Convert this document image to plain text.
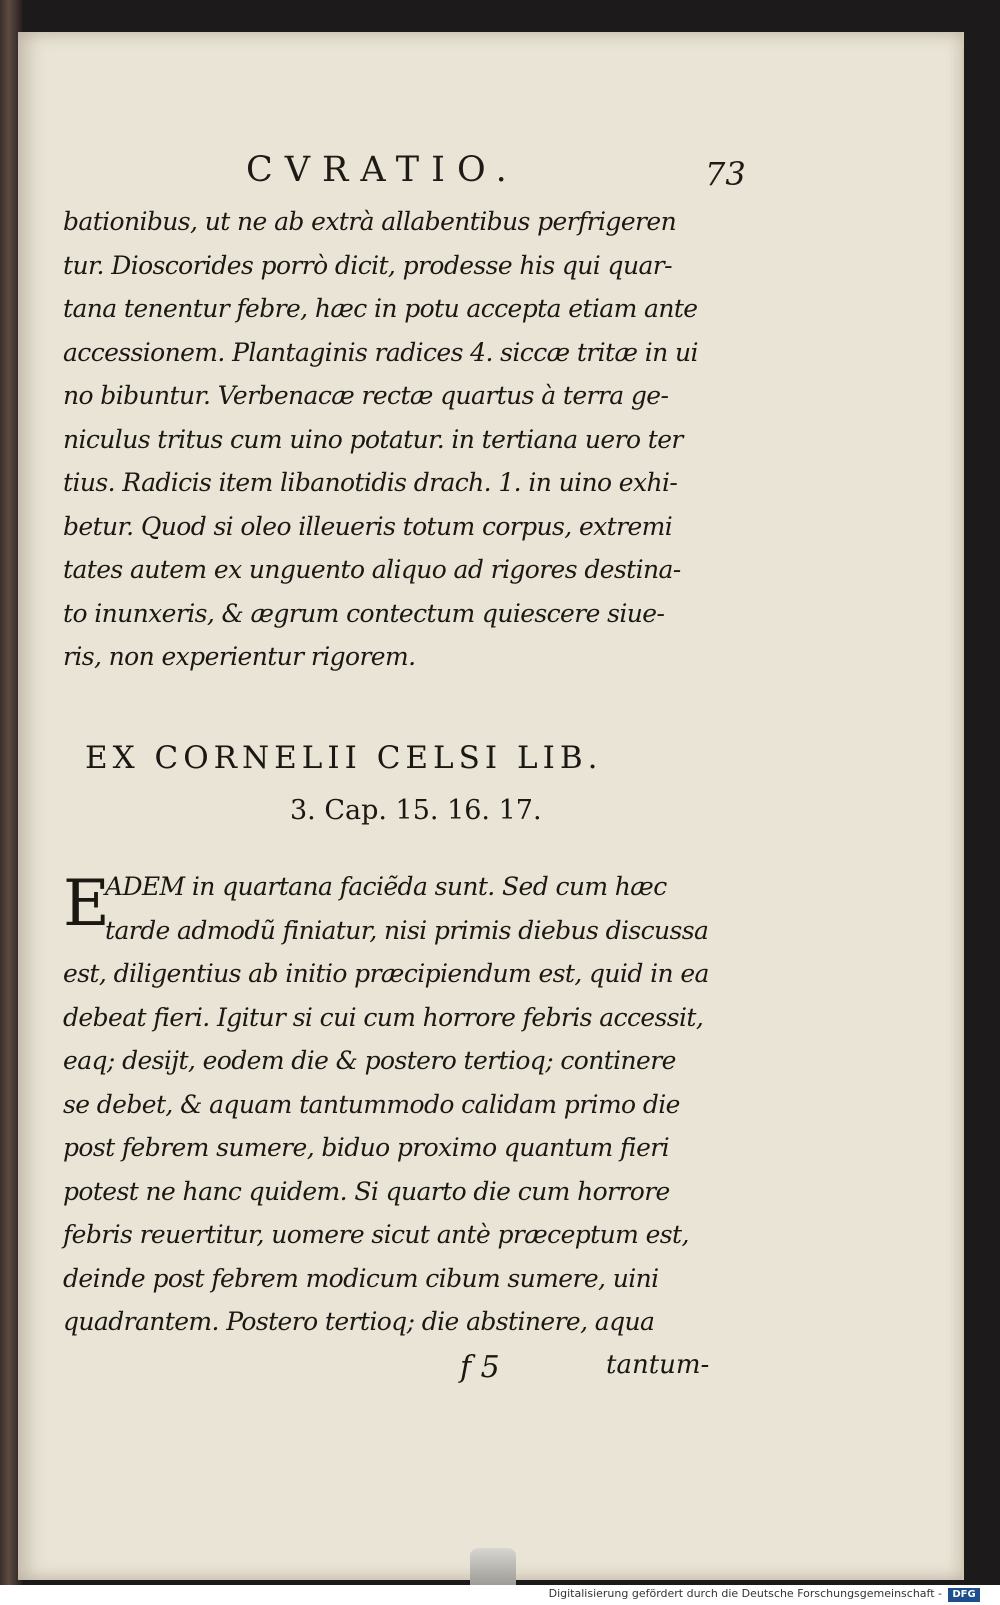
CVRATIO.	73
bationibus, ut ne ab extrà allabentibus perfrigeren
tur. Dioscorides porrò dicit, prodesse his qui quar-
tana tenentur febre, hæc in potu accepta etiam ante
accessionem. Plantaginis radices 4. siccæ tritæ in ui
no bibuntur. Verbenacæ rectæ quartus à terra ge-
niculus tritus cum uino potatur. in tertiana uero ter
tius. Radicis item libanotidis drach. 1. in uino exhi-
betur. Quod si oleo illeueris totum corpus, extremi
tates autem ex unguento aliquo ad rigores destina-
to inunxeris, & ægrum contectum quiescere siue-
ris, non experientur rigorem.
EX CORNELII CELSI LIB.
3. Cap. 15. 16. 17.
E
ADEM in quartana faciẽda sunt. Sed cum hæc
tarde admodũ finiatur, nisi primis diebus discussa
est, diligentius ab initio præcipiendum est, quid in ea
debeat fieri. Igitur si cui cum horrore febris accessit,
eaq; desijt, eodem die & postero tertioq; continere
se debet, & aquam tantummodo calidam primo die
post febrem sumere, biduo proximo quantum fieri
potest ne hanc quidem. Si quarto die cum horrore
febris reuertitur, uomere sicut antè præceptum est,
deinde post febrem modicum cibum sumere, uini
quadrantem. Postero tertioq; die abstinere, aqua
f 5	tantum-
Digitalisierung gefördert durch die Deutsche Forschungsgemeinschaft -	DFG
